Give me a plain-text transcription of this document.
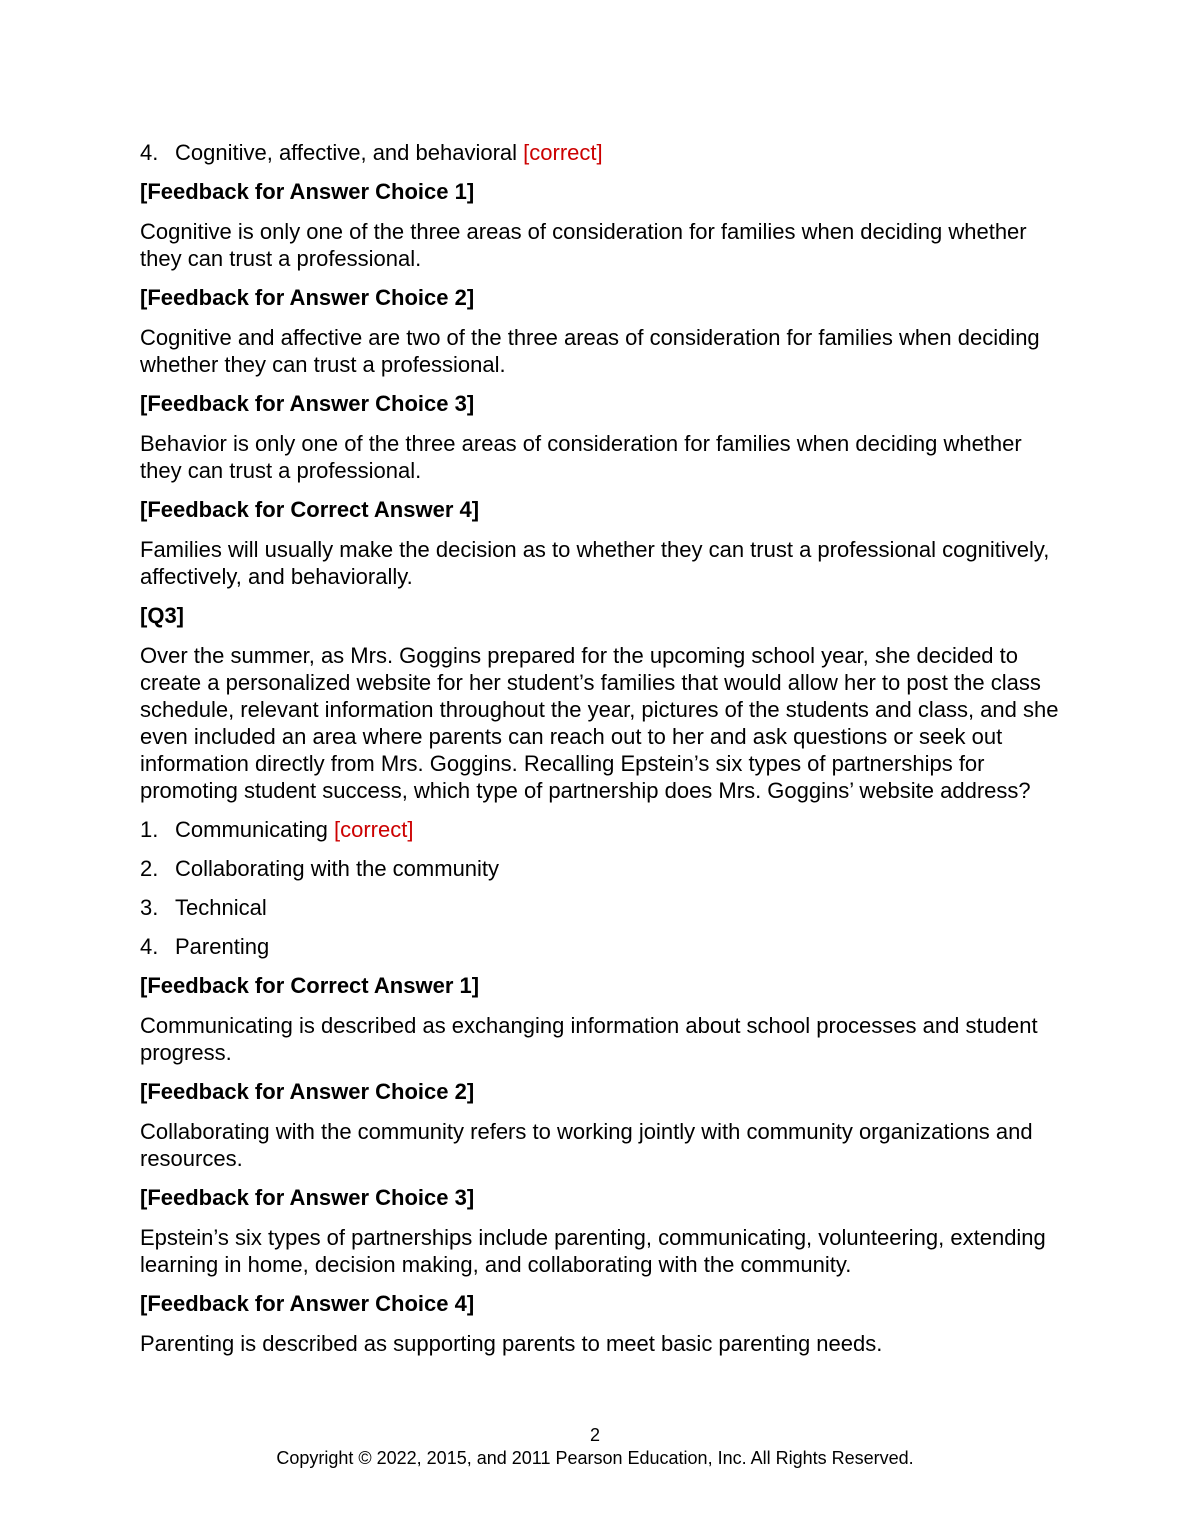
4. Cognitive, affective, and behavioral [correct]
[Feedback for Answer Choice 1]
Cognitive is only one of the three areas of consideration for families when deciding whether they can trust a professional.
[Feedback for Answer Choice 2]
Cognitive and affective are two of the three areas of consideration for families when deciding whether they can trust a professional.
[Feedback for Answer Choice 3]
Behavior is only one of the three areas of consideration for families when deciding whether they can trust a professional.
[Feedback for Correct Answer 4]
Families will usually make the decision as to whether they can trust a professional cognitively, affectively, and behaviorally.
[Q3]
Over the summer, as Mrs. Goggins prepared for the upcoming school year, she decided to create a personalized website for her student’s families that would allow her to post the class schedule, relevant information throughout the year, pictures of the students and class, and she even included an area where parents can reach out to her and ask questions or seek out information directly from Mrs. Goggins. Recalling Epstein’s six types of partnerships for promoting student success, which type of partnership does Mrs. Goggins’ website address?
1. Communicating [correct]
2. Collaborating with the community
3. Technical
4. Parenting
[Feedback for Correct Answer 1]
Communicating is described as exchanging information about school processes and student progress.
[Feedback for Answer Choice 2]
Collaborating with the community refers to working jointly with community organizations and resources.
[Feedback for Answer Choice 3]
Epstein’s six types of partnerships include parenting, communicating, volunteering, extending learning in home, decision making, and collaborating with the community.
[Feedback for Answer Choice 4]
Parenting is described as supporting parents to meet basic parenting needs.
2
Copyright © 2022, 2015, and 2011 Pearson Education, Inc. All Rights Reserved.
